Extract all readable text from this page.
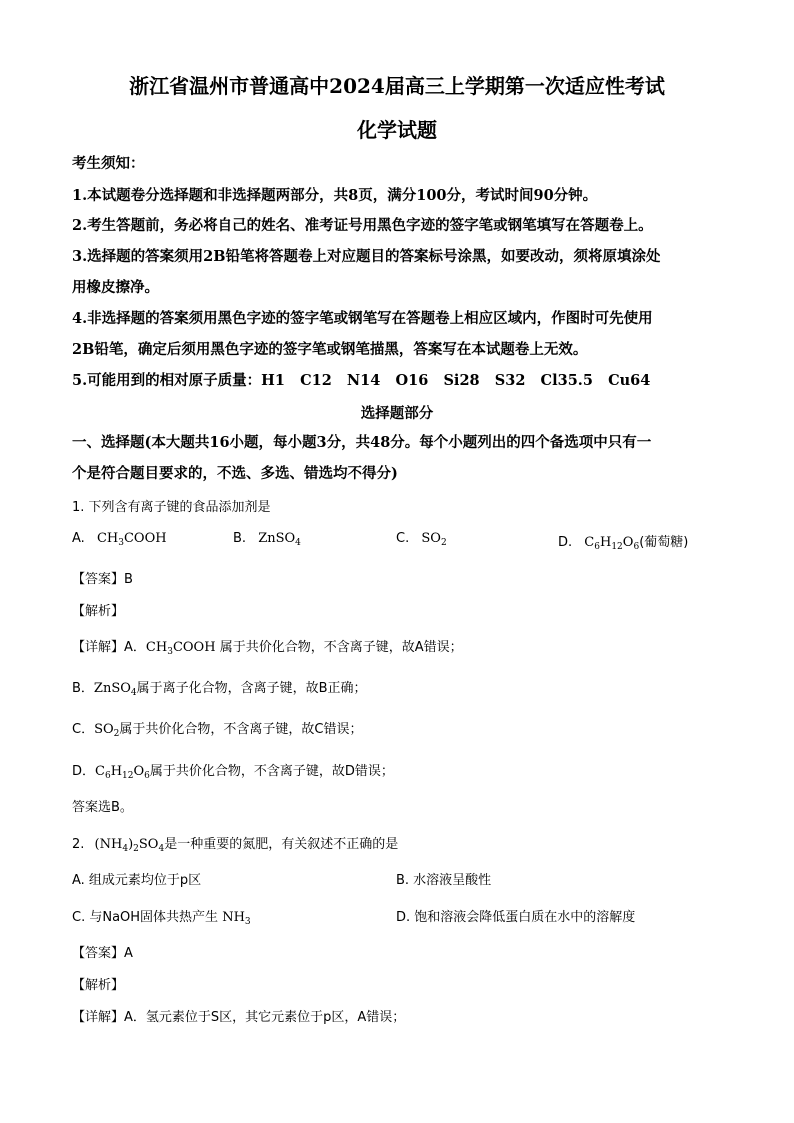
浙江省温州市普通高中2024届高三上学期第一次适应性考试
化学试题
考生须知：
1.本试题卷分选择题和非选择题两部分，共8页，满分100分，考试时间90分钟。
2.考生答题前，务必将自己的姓名、准考证号用黑色字迹的签字笔或钢笔填写在答题卷上。
3.选择题的答案须用2B铅笔将答题卷上对应题目的答案标号涂黑，如要改动，须将原填涂处
用橡皮擦净。
4.非选择题的答案须用黑色字迹的签字笔或钢笔写在答题卷上相应区域内，作图时可先使用
2B铅笔，确定后须用黑色字迹的签字笔或钢笔描黑，答案写在本试题卷上无效。
5.可能用到的相对原子质量：H1   C12   N14   O16   Si28   S32   Cl35.5   Cu64
选择题部分
一、选择题(本大题共16小题，每小题3分，共48分。每个小题列出的四个备选项中只有一
个是符合题目要求的，不选、多选、错选均不得分)
1. 下列含有离子键的食品添加剂是
A. $CH_3COOH$	B. ZnSO$_4$	C. $SO_2$	D. $C_6H_{12}O_6$(葡萄糖)
【答案】B
【解析】
【详解】A．$CH_3COOH$ 属于共价化合物，不含离子键，故A错误；
B．ZnSO$_4$属于离子化合物，含离子键，故B正确；
C．$SO_2$属于共价化合物，不含离子键，故C错误；
D．$C_6H_{12}O_6$属于共价化合物，不含离子键，故D错误；
答案选B。
2. $(NH_4)_2SO_4$是一种重要的氮肥，有关叙述不正确的是
A. 组成元素均位于p区	B. 水溶液呈酸性
C. 与NaOH固体共热产生 $NH_3$	D. 饱和溶液会降低蛋白质在水中的溶解度
【答案】A
【解析】
【详解】A．氢元素位于S区，其它元素位于p区，A错误；
